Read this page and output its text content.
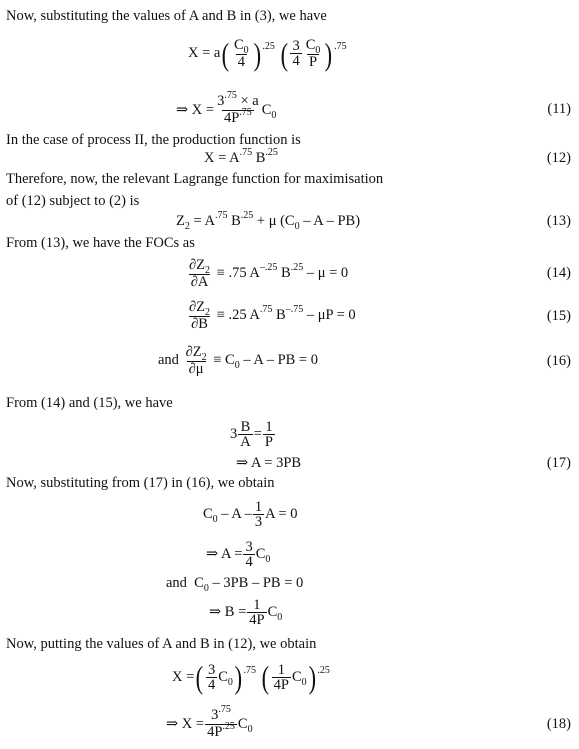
Now, substituting the values of A and B in (3), we have
X = a ( $\frac{C_0}{4}$ ) .25 ( $\frac{3}{4} \frac{C_0}{P}$ ) .75
⇒ $X = \frac{3^{.75} \times a}{4P^{.75}} C_0$	(11)
In the case of process II, the production function is
$X = A^{.75}$ $B^{.25}$	(12)
Therefore, now, the relevant Lagrange function for maximisation
of (12) subject to (2) is
$Z_2 = A^{.75}$ $B^{.25} + \mu$ ($C_0$ – A – PB)	(13)
From (13), we have the FOCs as
$\frac{\partial Z_2}{\partial A} \equiv .75$ $A^{-.25}$ $B^{.25} - \mu = 0$	(14)
$\frac{\partial Z_2}{\partial B} \equiv .25$ $A^{.75}$ $B^{-.75} - \mu P = 0$	(15)
and
$\frac{\partial Z_2}{\partial\mu} \equiv C_0 - A$ – PB = 0	(16)
From (14) and (15), we have
$3 \frac{B}{A} = \frac{1}{P}$
⇒ A = 3PB	(17)
Now, substituting from (17) in (16), we obtain
$C_0$ – A – $\frac{1}{3}$ A = 0
⇒ $A = \frac{3}{4} C_0$
and  $C_0 - 3PB$ – PB = 0
⇒ $B = \frac{1}{4P} C_0$
Now, putting the values of A and B in (12), we obtain
X = ( $\frac{3}{4} C_0$ ) .75 ( $\frac{1}{4P} C_0$ ) .25
⇒ $X = \frac{3^{.75}}{4P^{.25}} C_0$	(18)
